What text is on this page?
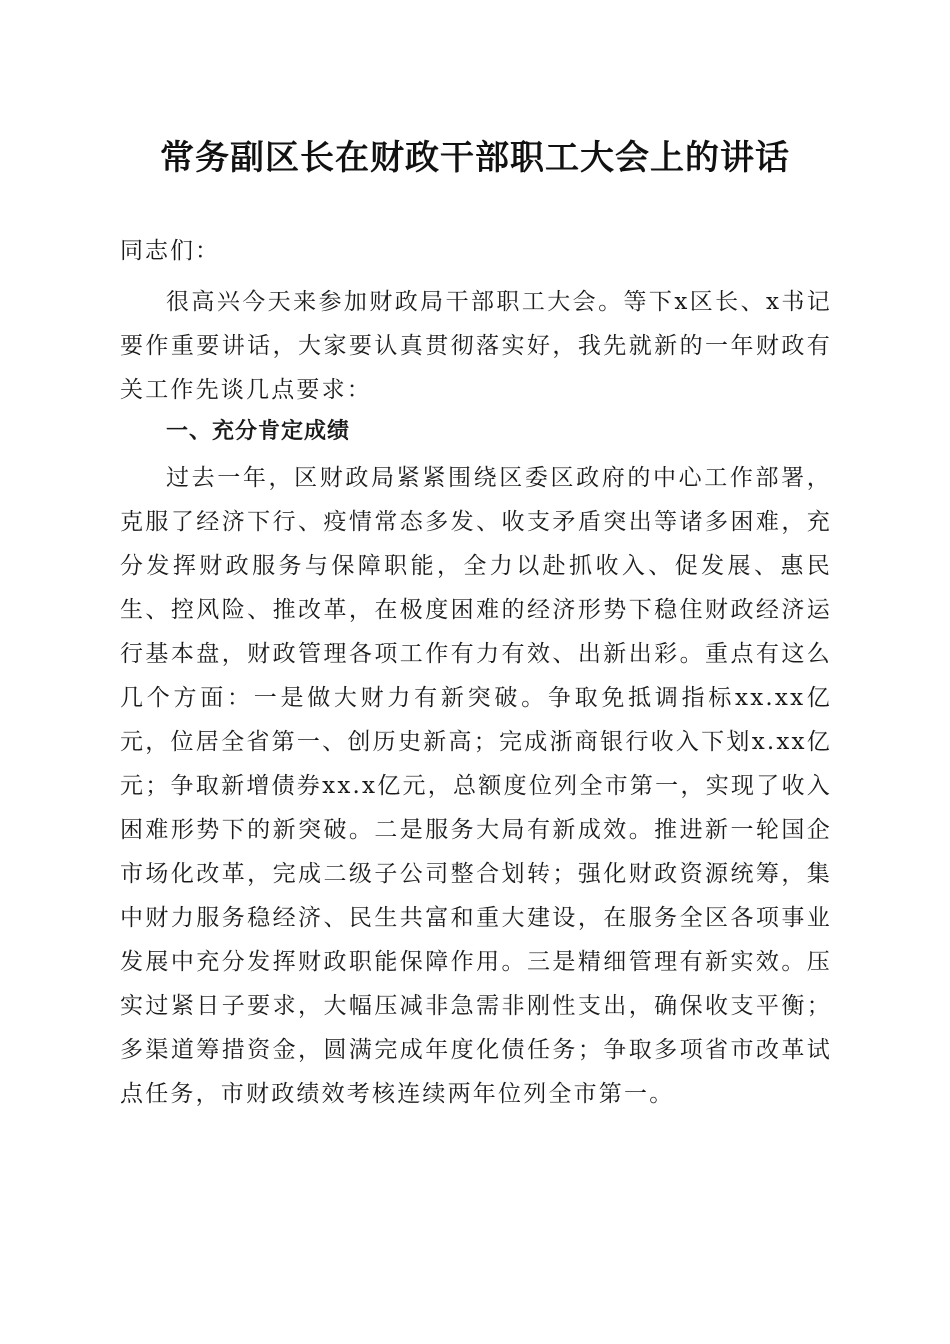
常务副区长在财政干部职工大会上的讲话

同志们：

很高兴今天来参加财政局干部职工大会。等下x区长、x书记要作重要讲话，大家要认真贯彻落实好，我先就新的一年财政有关工作先谈几点要求：

一、充分肯定成绩

过去一年，区财政局紧紧围绕区委区政府的中心工作部署，克服了经济下行、疫情常态多发、收支矛盾突出等诸多困难，充分发挥财政服务与保障职能，全力以赴抓收入、促发展、惠民生、控风险、推改革，在极度困难的经济形势下稳住财政经济运行基本盘，财政管理各项工作有力有效、出新出彩。重点有这么几个方面：一是做大财力有新突破。争取免抵调指标xx.xx亿元，位居全省第一、创历史新高；完成浙商银行收入下划x.xx亿元；争取新增债券xx.x亿元，总额度位列全市第一，实现了收入困难形势下的新突破。二是服务大局有新成效。推进新一轮国企市场化改革，完成二级子公司整合划转；强化财政资源统筹，集中财力服务稳经济、民生共富和重大建设，在服务全区各项事业发展中充分发挥财政职能保障作用。三是精细管理有新实效。压实过紧日子要求，大幅压减非急需非刚性支出，确保收支平衡；多渠道筹措资金，圆满完成年度化债任务；争取多项省市改革试点任务，市财政绩效考核连续两年位列全市第一。
